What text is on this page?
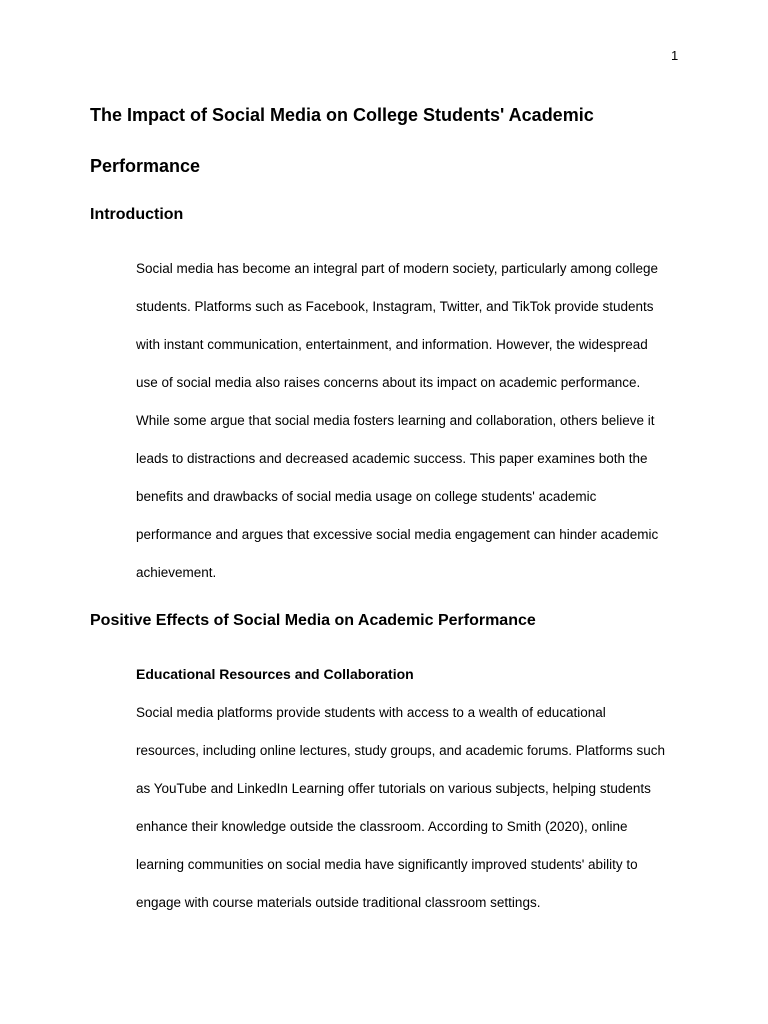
1
The Impact of Social Media on College Students' Academic
Performance
Introduction
Social media has become an integral part of modern society, particularly among college
students. Platforms such as Facebook, Instagram, Twitter, and TikTok provide students
with instant communication, entertainment, and information. However, the widespread
use of social media also raises concerns about its impact on academic performance.
While some argue that social media fosters learning and collaboration, others believe it
leads to distractions and decreased academic success. This paper examines both the
benefits and drawbacks of social media usage on college students' academic
performance and argues that excessive social media engagement can hinder academic
achievement.
Positive Effects of Social Media on Academic Performance
Educational Resources and Collaboration
Social media platforms provide students with access to a wealth of educational
resources, including online lectures, study groups, and academic forums. Platforms such
as YouTube and LinkedIn Learning offer tutorials on various subjects, helping students
enhance their knowledge outside the classroom. According to Smith (2020), online
learning communities on social media have significantly improved students' ability to
engage with course materials outside traditional classroom settings.
